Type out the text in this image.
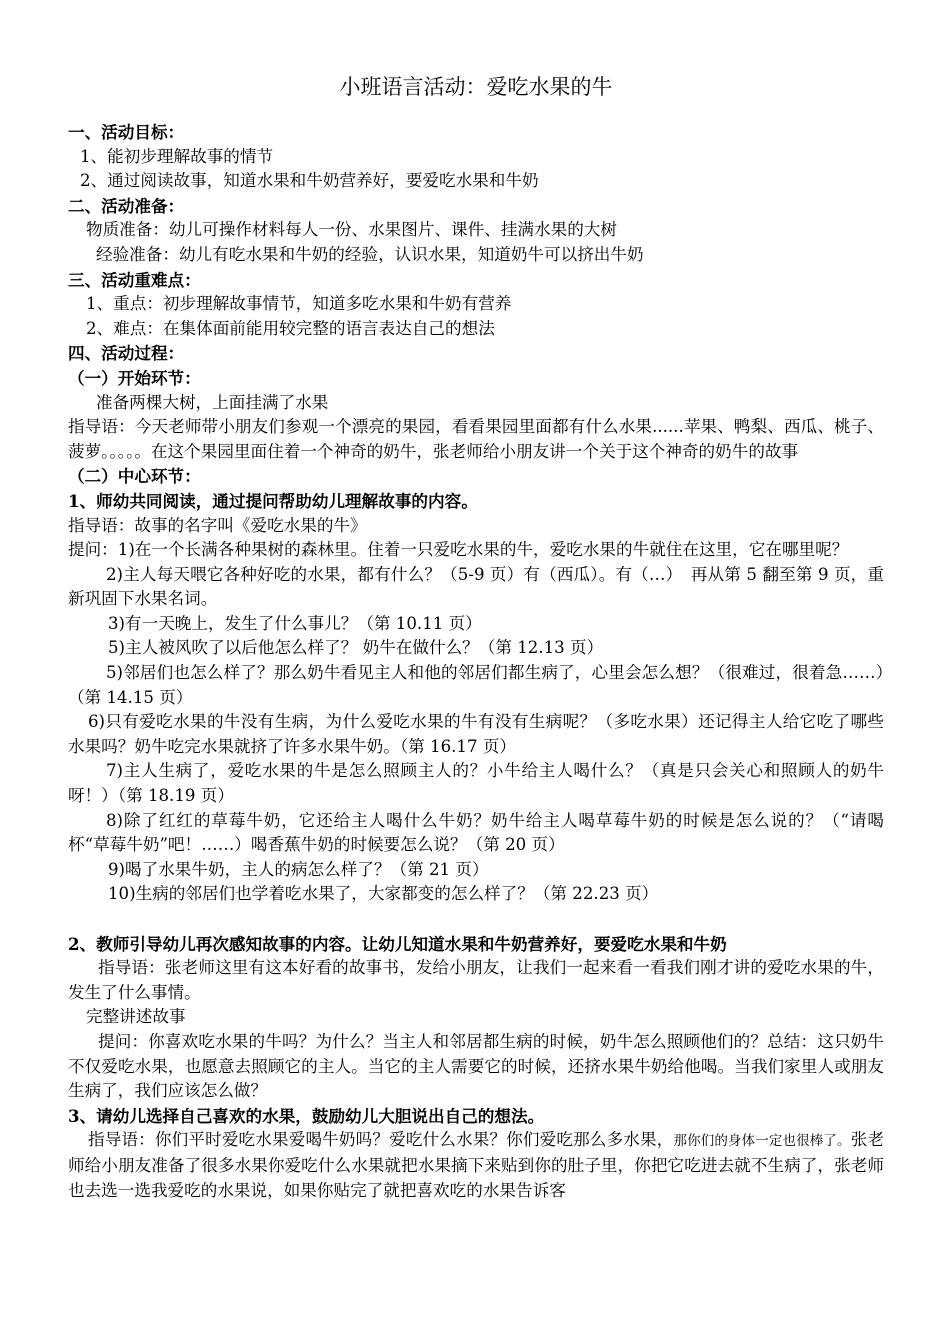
小班语言活动：爱吃水果的牛
一、活动目标：
1、能初步理解故事的情节
2、通过阅读故事，知道水果和牛奶营养好，要爱吃水果和牛奶
二、活动准备：
物质准备：幼儿可操作材料每人一份、水果图片、课件、挂满水果的大树
经验准备：幼儿有吃水果和牛奶的经验，认识水果，知道奶牛可以挤出牛奶
三、活动重难点：
1、重点：初步理解故事情节，知道多吃水果和牛奶有营养
2、难点：在集体面前能用较完整的语言表达自己的想法
四、活动过程：
（一）开始环节：
准备两棵大树，上面挂满了水果
指导语：今天老师带小朋友们参观一个漂亮的果园，看看果园里面都有什么水果......苹果、鸭梨、西瓜、桃子、菠萝。。。。。在这个果园里面住着一个神奇的奶牛，张老师给小朋友讲一个关于这个神奇的奶牛的故事
（二）中心环节：
1、师幼共同阅读，通过提问帮助幼儿理解故事的内容。
指导语：故事的名字叫《爱吃水果的牛》
提问：1)在一个长满各种果树的森林里。住着一只爱吃水果的牛，爱吃水果的牛就住在这里，它在哪里呢？
2)主人每天喂它各种好吃的水果，都有什么？（5-9 页）有（西瓜）。有（…）　再从第 5 翻至第 9 页，重新巩固下水果名词。
3)有一天晚上，发生了什么事儿？（第 10.11 页）
5)主人被风吹了以后他怎么样了？ 奶牛在做什么？（第 12.13 页）
5)邻居们也怎么样了？那么奶牛看见主人和他的邻居们都生病了，心里会怎么想？（很难过，很着急……）（第 14.15 页）
6)只有爱吃水果的牛没有生病，为什么爱吃水果的牛有没有生病呢？（多吃水果）还记得主人给它吃了哪些水果吗？奶牛吃完水果就挤了许多水果牛奶。（第 16.17 页）
7)主人生病了，爱吃水果的牛是怎么照顾主人的？小牛给主人喝什么？（真是只会关心和照顾人的奶牛呀！）（第 18.19 页）
8)除了红红的草莓牛奶，它还给主人喝什么牛奶？奶牛给主人喝草莓牛奶的时候是怎么说的？（“请喝杯“草莓牛奶”吧！……）喝香蕉牛奶的时候要怎么说？（第 20 页）
9)喝了水果牛奶，主人的病怎么样了？（第 21 页）
10)生病的邻居们也学着吃水果了，大家都变的怎么样了？（第 22.23 页）
2、教师引导幼儿再次感知故事的内容。让幼儿知道水果和牛奶营养好，要爱吃水果和牛奶
指导语：张老师这里有这本好看的故事书，发给小朋友，让我们一起来看一看我们刚才讲的爱吃水果的牛，发生了什么事情。
完整讲述故事
提问：你喜欢吃水果的牛吗？为什么？当主人和邻居都生病的时候，奶牛怎么照顾他们的？总结：这只奶牛不仅爱吃水果，也愿意去照顾它的主人。当它的主人需要它的时候，还挤水果牛奶给他喝。当我们家里人或朋友生病了，我们应该怎么做？
3、请幼儿选择自己喜欢的水果，鼓励幼儿大胆说出自己的想法。
指导语：你们平时爱吃水果爱喝牛奶吗？爱吃什么水果？你们爱吃那么多水果，那你们的身体一定也很棒了。张老师给小朋友准备了很多水果你爱吃什么水果就把水果摘下来贴到你的肚子里，你把它吃进去就不生病了，张老师也去选一选我爱吃的水果说，如果你贴完了就把喜欢吃的水果告诉客
